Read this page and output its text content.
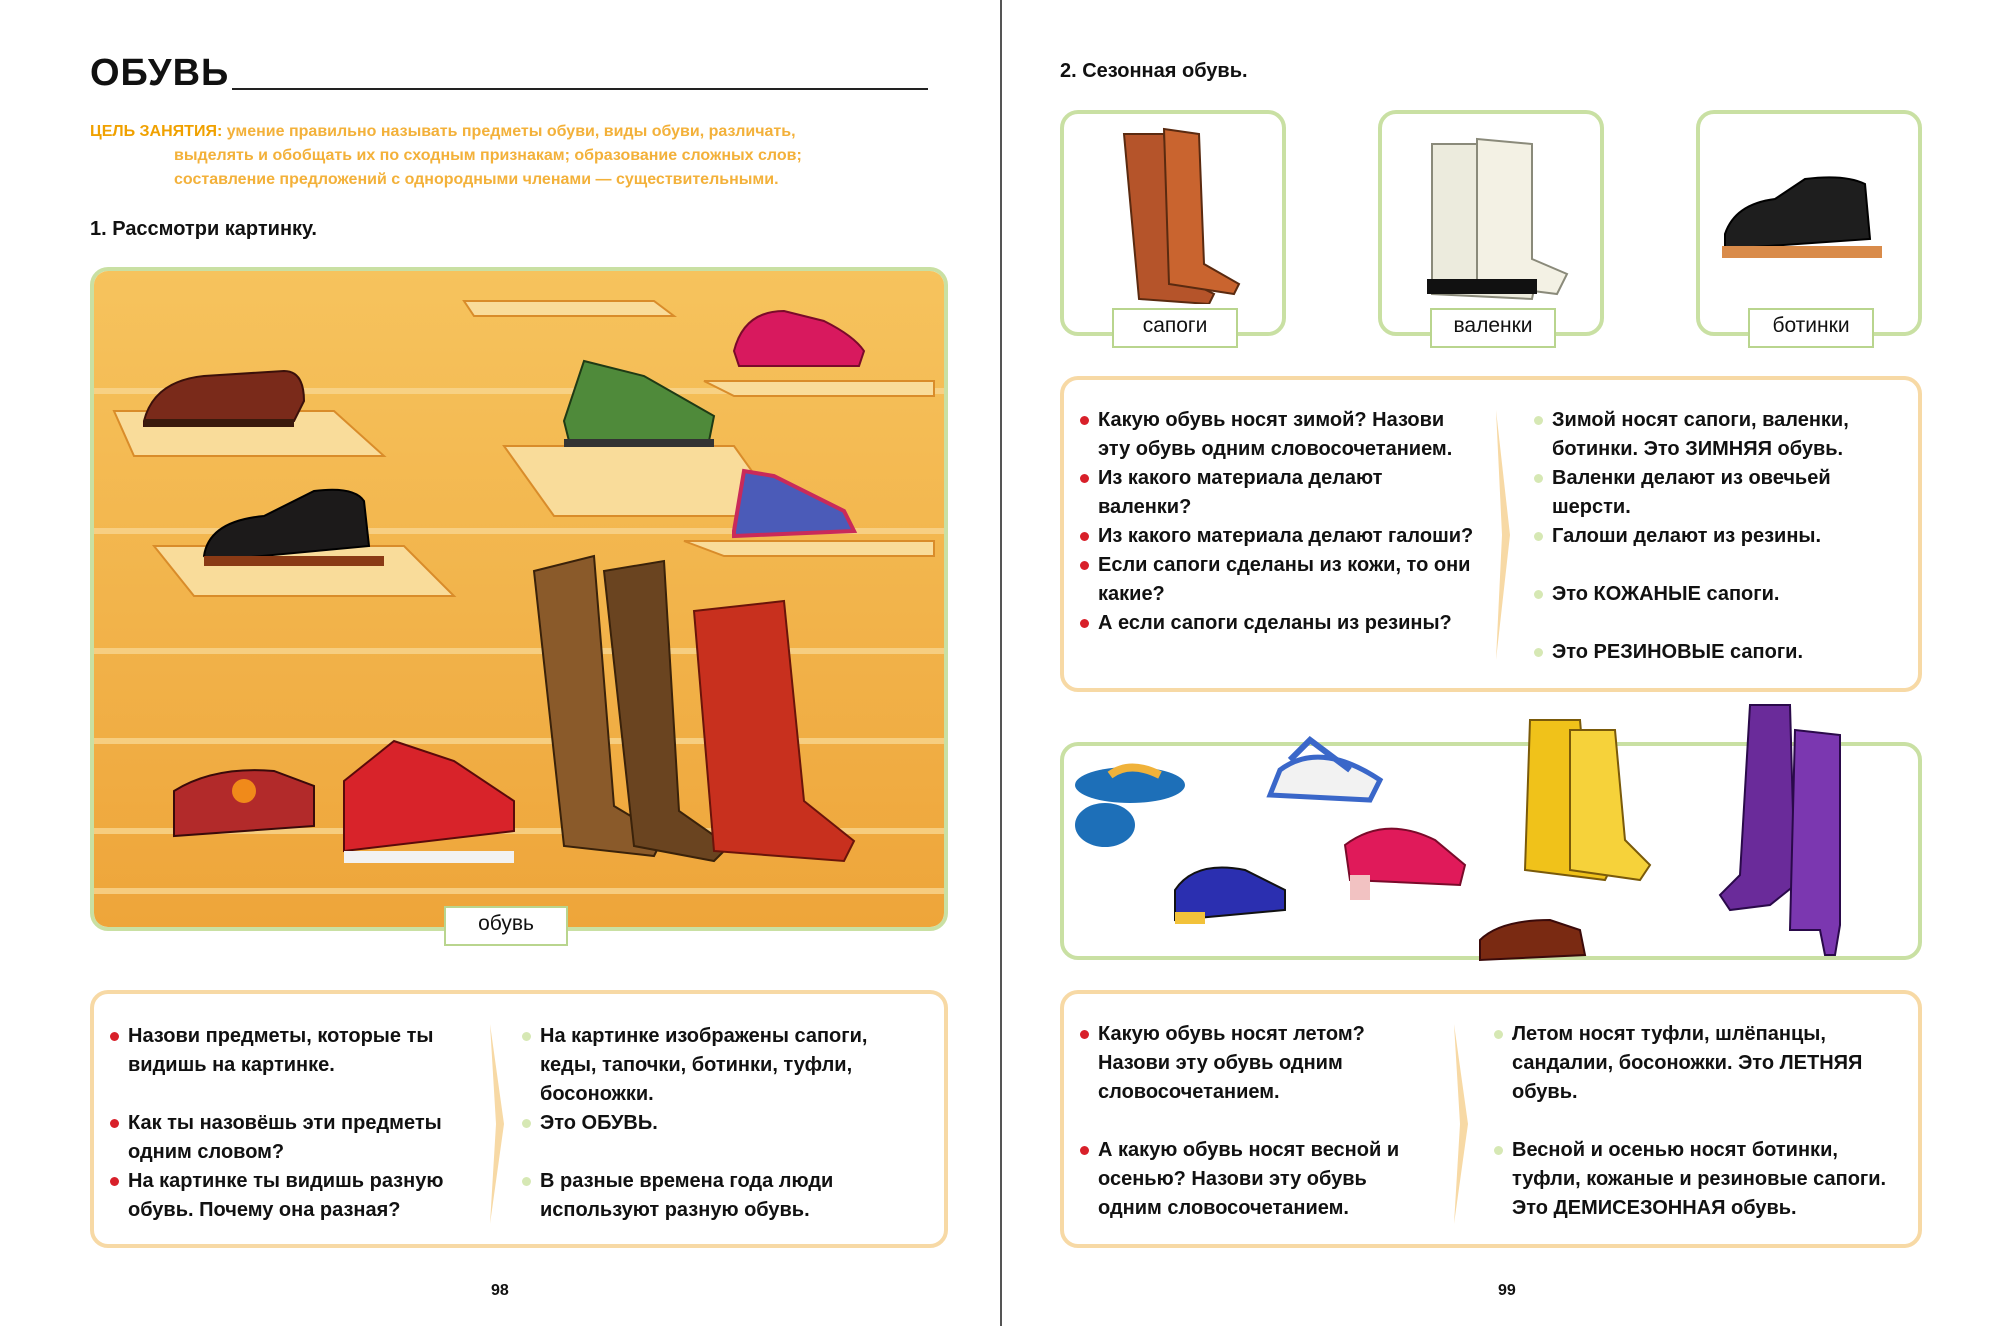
ОБУВЬ
ЦЕЛЬ ЗАНЯТИЯ: умение правильно называть предметы обуви, виды обуви, различать,
выделять и обобщать их по сходным признакам; образование сложных слов;
составление предложений с однородными членами — существительными.
1. Рассмотри картинку.
обувь
Назови предметы, которые ты видишь на картинке.
Как ты назовёшь эти предметы одним словом?
На картинке ты видишь разную обувь. Почему она разная?
На картинке изображены сапоги, кеды, тапочки, ботинки, туфли, босоножки.
Это ОБУВЬ.
В разные времена года люди используют разную обувь.
98
2. Сезонная обувь.
сапоги	валенки	ботинки
Какую обувь носят зимой? Назови эту обувь одним словосочетанием.
Из какого материала делают валенки?
Из какого материала делают галоши?
Если сапоги сделаны из кожи, то они какие?
А если сапоги сделаны из резины?
Зимой носят сапоги, валенки, ботинки. Это ЗИМНЯЯ обувь.
Валенки делают из овечьей шерсти.
Галоши делают из резины.
Это КОЖАНЫЕ сапоги.
Это РЕЗИНОВЫЕ сапоги.
Какую обувь носят летом? Назови эту обувь одним словосочетанием.
А какую обувь носят весной и осенью? Назови эту обувь одним словосочетанием.
Летом носят туфли, шлёпанцы, сандалии, босоножки. Это ЛЕТНЯЯ обувь.
Весной и осенью носят ботинки, туфли, кожаные и резиновые сапоги. Это ДЕМИСЕЗОННАЯ обувь.
99
